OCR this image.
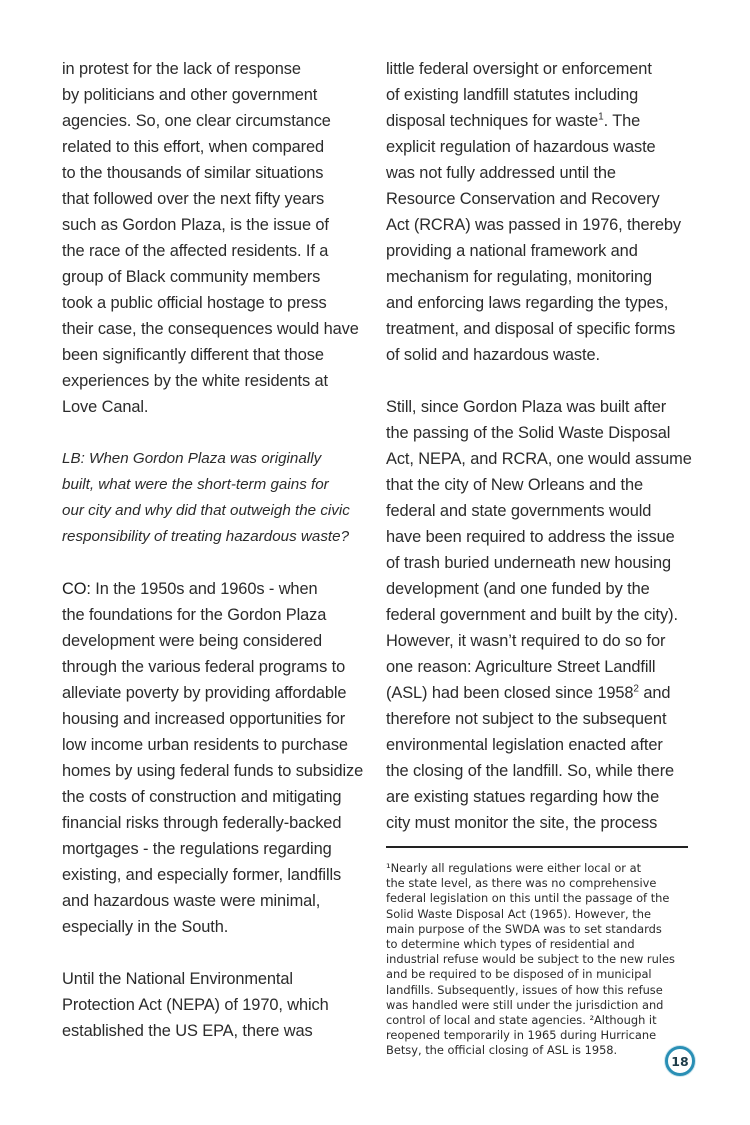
in protest for the lack of response
by politicians and other government
agencies. So, one clear circumstance
related to this effort, when compared
to the thousands of similar situations
that followed over the next fifty years
such as Gordon Plaza, is the issue of
the race of the affected residents. If a
group of Black community members
took a public official hostage to press
their case, the consequences would have
been significantly different that those
experiences by the white residents at
Love Canal.
LB: When Gordon Plaza was originally
built, what were the short-term gains for
our city and why did that outweigh the civic
responsibility of treating hazardous waste?
CO: In the 1950s and 1960s - when
the foundations for the Gordon Plaza
development were being considered
through the various federal programs to
alleviate poverty by providing affordable
housing and increased opportunities for
low income urban residents to purchase
homes by using federal funds to subsidize
the costs of construction and mitigating
financial risks through federally-backed
mortgages - the regulations regarding
existing, and especially former, landfills
and hazardous waste were minimal,
especially in the South.
Until the National Environmental
Protection Act (NEPA) of 1970, which
established the US EPA, there was
little federal oversight or enforcement
of existing landfill statutes including
disposal techniques for waste$^1$. The
explicit regulation of hazardous waste
was not fully addressed until the
Resource Conservation and Recovery
Act (RCRA) was passed in 1976, thereby
providing a national framework and
mechanism for regulating, monitoring
and enforcing laws regarding the types,
treatment, and disposal of specific forms
of solid and hazardous waste.
Still, since Gordon Plaza was built after
the passing of the Solid Waste Disposal
Act, NEPA, and RCRA, one would assume
that the city of New Orleans and the
federal and state governments would
have been required to address the issue
of trash buried underneath new housing
development (and one funded by the
federal government and built by the city).
However, it wasn’t required to do so for
one reason: Agriculture Street Landfill
(ASL) had been closed since 1958$^2$ and
therefore not subject to the subsequent
environmental legislation enacted after
the closing of the landfill. So, while there
are existing statues regarding how the
city must monitor the site, the process
¹Nearly all regulations were either local or at
the state level, as there was no comprehensive
federal legislation on this until the passage of the
Solid Waste Disposal Act (1965). However, the
main purpose of the SWDA was to set standards
to determine which types of residential and
industrial refuse would be subject to the new rules
and be required to be disposed of in municipal
landfills. Subsequently, issues of how this refuse
was handled were still under the jurisdiction and
control of local and state agencies. ²Although it
reopened temporarily in 1965 during Hurricane
Betsy, the official closing of ASL is 1958.
18
